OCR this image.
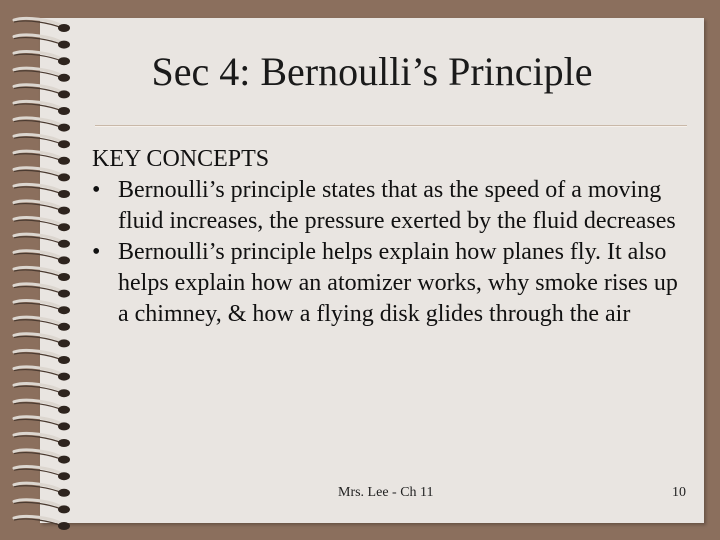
Sec 4: Bernoulli’s Principle

KEY CONCEPTS

• Bernoulli’s principle states that as the speed of a moving fluid increases, the pressure exerted by the fluid decreases
• Bernoulli’s principle helps explain how planes fly. It also helps explain how an atomizer works, why smoke rises up a chimney, & how a flying disk glides through the air
Mrs. Lee - Ch 11	10
